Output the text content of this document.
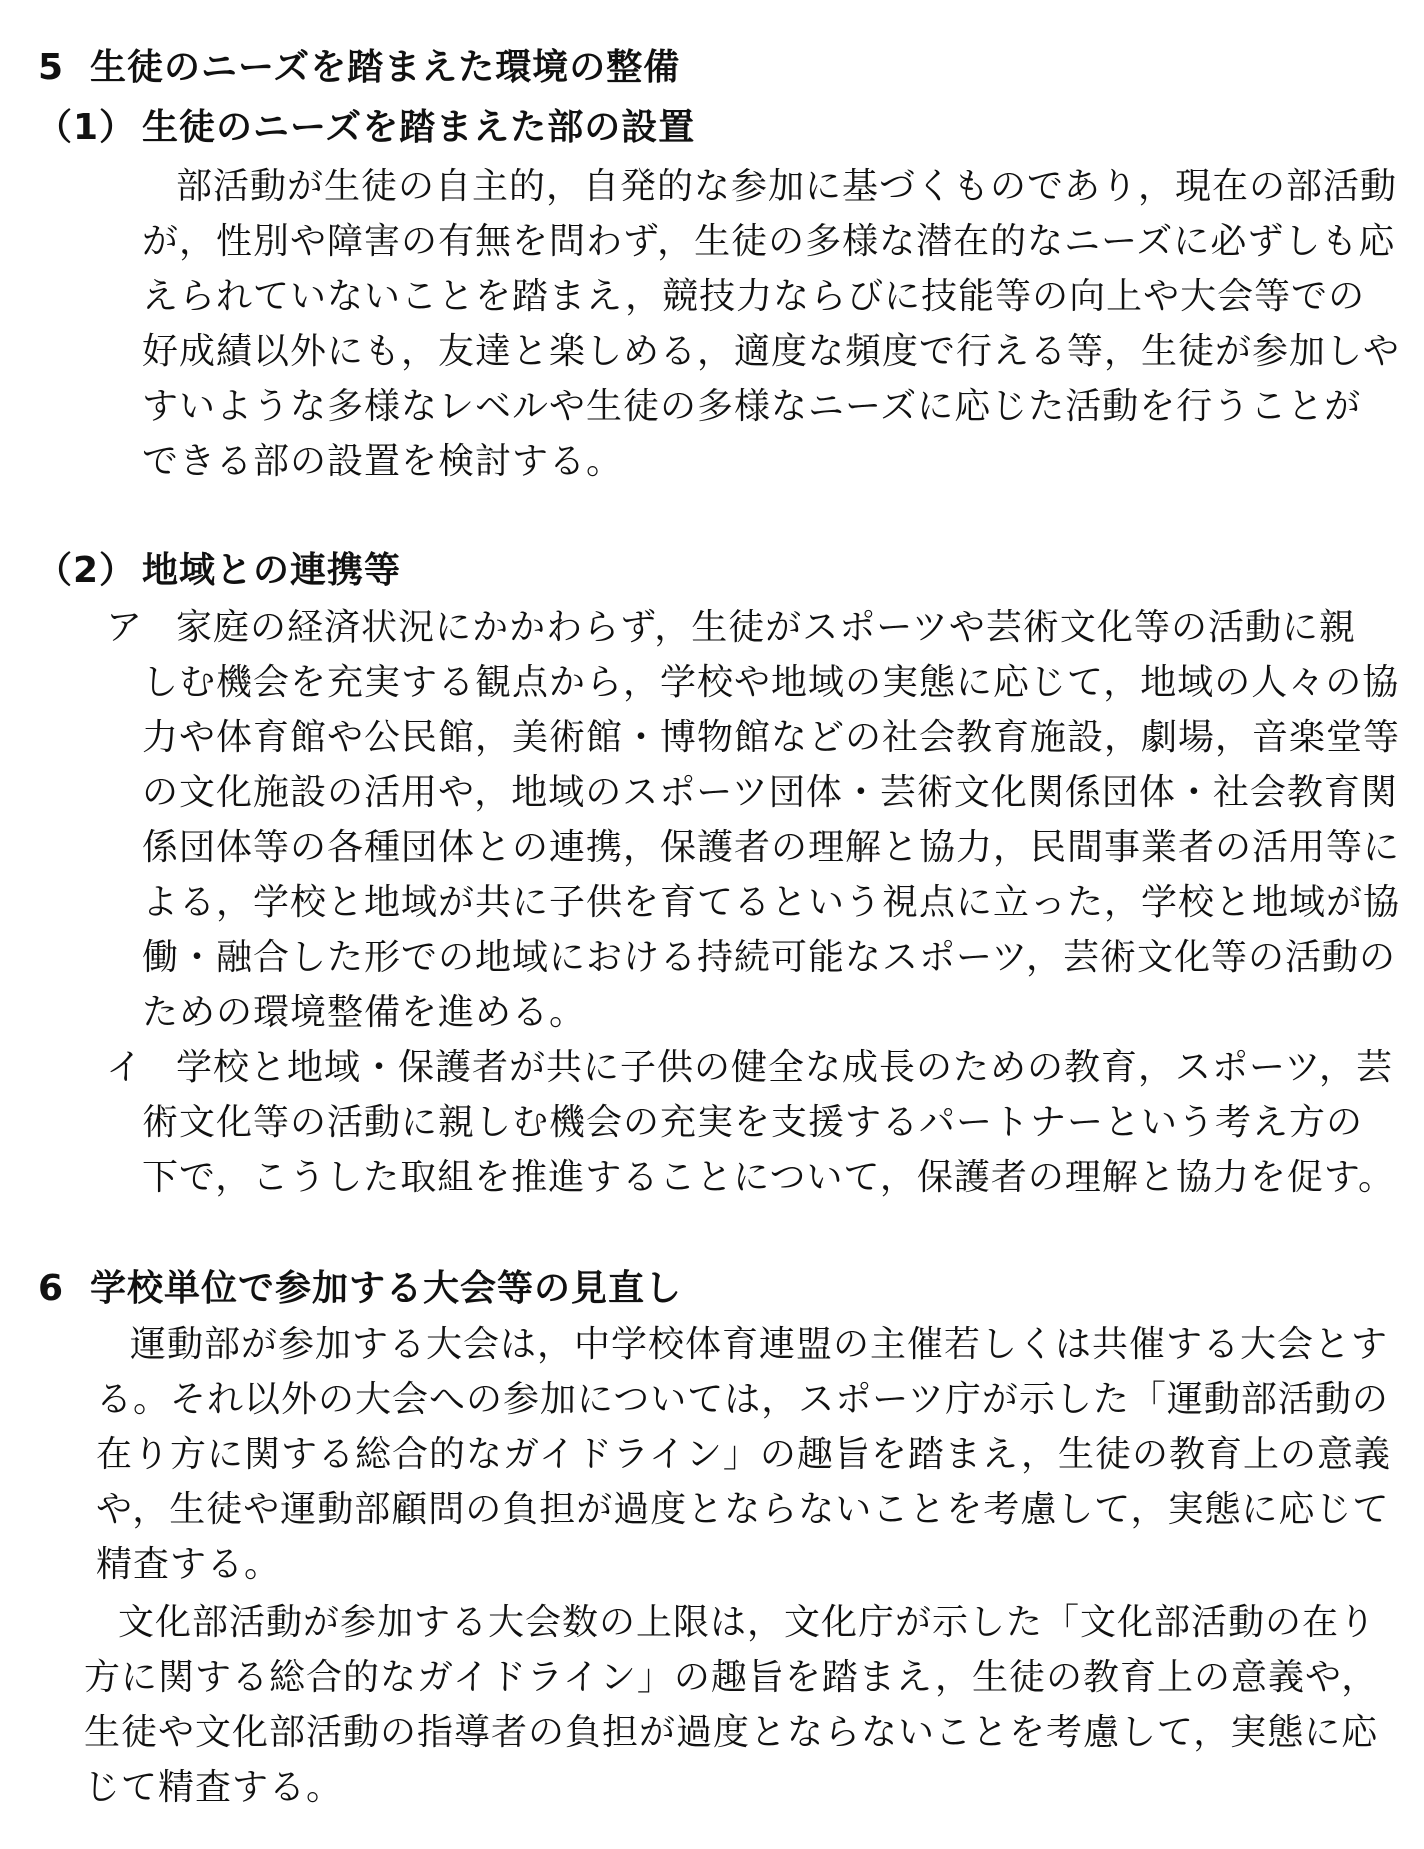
5 生徒のニーズを踏まえた環境の整備
（1） 生徒のニーズを踏まえた部の設置
部活動が生徒の自主的，自発的な参加に基づくものであり，現在の部活動
が，性別や障害の有無を問わず，生徒の多様な潜在的なニーズに必ずしも応
えられていないことを踏まえ，競技力ならびに技能等の向上や大会等での
好成績以外にも，友達と楽しめる，適度な頻度で行える等，生徒が参加しや
すいような多様なレベルや生徒の多様なニーズに応じた活動を行うことが
できる部の設置を検討する。
（2） 地域との連携等
ア 家庭の経済状況にかかわらず，生徒がスポーツや芸術文化等の活動に親
しむ機会を充実する観点から，学校や地域の実態に応じて，地域の人々の協
力や体育館や公民館，美術館・博物館などの社会教育施設，劇場，音楽堂等
の文化施設の活用や，地域のスポーツ団体・芸術文化関係団体・社会教育関
係団体等の各種団体との連携，保護者の理解と協力，民間事業者の活用等に
よる，学校と地域が共に子供を育てるという視点に立った，学校と地域が協
働・融合した形での地域における持続可能なスポーツ，芸術文化等の活動の
ための環境整備を進める。
イ 学校と地域・保護者が共に子供の健全な成長のための教育，スポーツ，芸
術文化等の活動に親しむ機会の充実を支援するパートナーという考え方の
下で，こうした取組を推進することについて，保護者の理解と協力を促す。
6 学校単位で参加する大会等の見直し
運動部が参加する大会は，中学校体育連盟の主催若しくは共催する大会とす
る。それ以外の大会への参加については，スポーツ庁が示した「運動部活動の
在り方に関する総合的なガイドライン」の趣旨を踏まえ，生徒の教育上の意義
や，生徒や運動部顧問の負担が過度とならないことを考慮して，実態に応じて
精査する。
文化部活動が参加する大会数の上限は，文化庁が示した「文化部活動の在り
方に関する総合的なガイドライン」の趣旨を踏まえ，生徒の教育上の意義や，
生徒や文化部活動の指導者の負担が過度とならないことを考慮して，実態に応
じて精査する。
